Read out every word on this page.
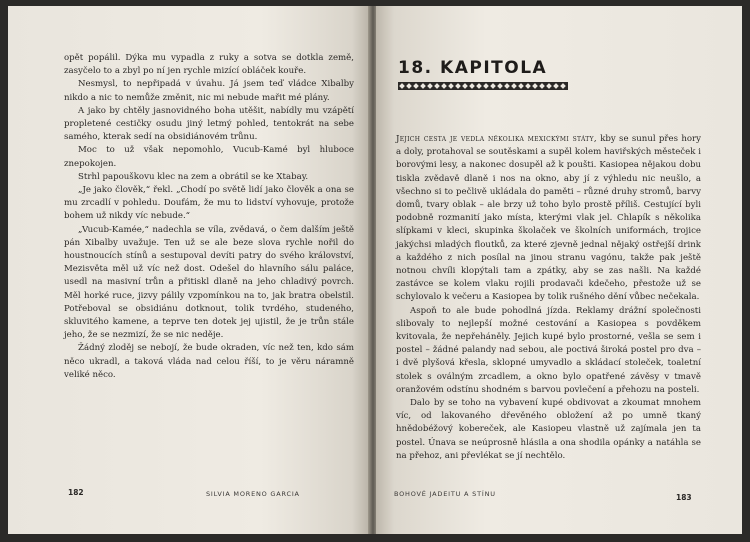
opět popálil. Dýka mu vypadla z ruky a sotva se dotkla země, zasyčelo to a zbyl po ní jen rychle mizící obláček kouře.

Nesmysl, to nepřipadá v úvahu. Já jsem teď vládce Xibalby nikdo a nic to nemůže změnit, nic mi nebude mařit mé plány.

A jako by chtěly jasnovidného boha utěšit, nabídly mu vzápětí propletené cestičky osudu jiný letmý pohled, tentokrát na sebe samého, kterak sedí na obsidiánovém trůnu.

Moc to už však nepomohlo, Vucub-Kamé byl hluboce znepokojen.

Strhl papouškovu klec na zem a obrátil se ke Xtabay.

„Je jako člověk,“ řekl. „Chodí po světě lidí jako člověk a ona se mu zrcadlí v pohledu. Doufám, že mu to lidství vyhovuje, protože bohem už nikdy víc nebude.“

„Vucub-Kamée,“ nadechla se víla, zvědavá, o čem dalším ještě pán Xibalby uvažuje. Ten už se ale beze slova rychle nořil do houstnoucích stínů a sestupoval devíti patry do svého království, Mezisvěta měl už víc než dost. Odešel do hlavního sálu paláce, usedl na masivní trůn a přitiskl dlaně na jeho chladivý povrch. Měl horké ruce, jizvy pálily vzpomínkou na to, jak bratra obelstil. Potřeboval se obsidiánu dotknout, tolik tvrdého, studeného, skluvitého kamene, a teprve ten dotek jej ujistil, že je trůn stále jeho, že se nezmizí, že se nic neděje.

Žádný zloděj se nebojí, že bude okraden, víc než ten, kdo sám něco ukradl, a taková vláda nad celou říší, to je věru náramně veliké něco.

182	SILVIA MORENO GARCIA
18. KAPITOLA

Jejich cesta je vedla několika mexickými státy, kby se sunul přes hory a doly, protahoval se soutěskami a supěl kolem haviřských městeček i borovými lesy, a nakonec dosupěl až k poušti. Kasiopea nějakou dobu tiskla zvědavě dlaně i nos na okno, aby jí z výhledu nic neušlo, a všechno si to pečlivě ukládala do paměti – různé druhy stromů, barvy domů, tvary oblak – ale brzy už toho bylo prostě příliš. Cestující byli podobně rozmanití jako místa, kterými vlak jel. Chlapík s několika slípkami v kleci, skupinka školaček ve školních uniformách, trojice jakýchsi mladých floutků, za které zjevně jednal nějaký ostřejší drink a každého z nich posílal na jinou stranu vagónu, takže pak ještě notnou chvíli klopýtali tam a zpátky, aby se zas našli. Na každé zastávce se kolem vlaku rojili prodavači kdečeho, přestože už se schylovalo k večeru a Kasiopea by tolik rušného dění vůbec nečekala.

Aspoň to ale bude pohodlná jízda. Reklamy drážní společnosti slibovaly to nejlepší možné cestování a Kasiopea s povděkem kvitovala, že nepřeháněly. Jejich kupé bylo prostorné, vešla se sem i postel – žádné palandy nad sebou, ale poctivá široká postel pro dva – i dvě plyšová křesla, sklopné umyvadlo a skládací stoleček, toaletní stolek s oválným zrcadlem, a okno bylo opatřené závěsy v tmavě oranžovém odstínu shodném s barvou povlečení a přehozu na posteli.

Dalo by se toho na vybavení kupé obdivovat a zkoumat mnohem víc, od lakovaného dřevěného obložení až po umně tkaný hnědobéžový kobereček, ale Kasiopeu vlastně už zajímala jen ta postel. Únava se neúprosně hlásila a ona shodila opánky a natáhla se na přehoz, ani převlékat se jí nechtělo.

BOHOVÉ JADEITU A STÍNU	183
